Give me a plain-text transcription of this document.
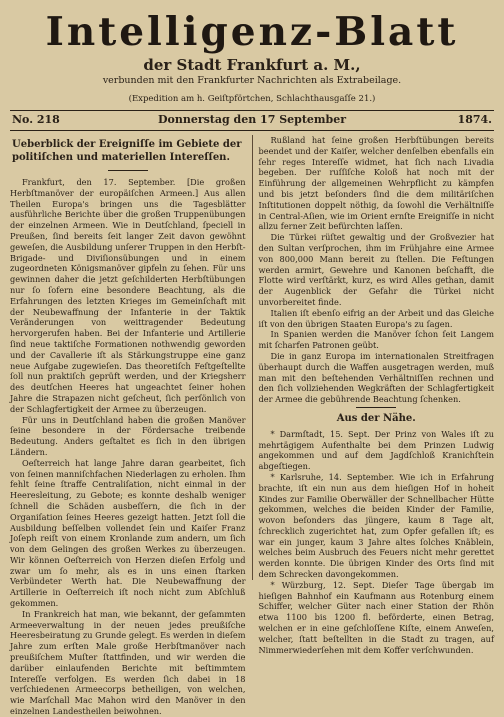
Intelligenz-Blatt
der Stadt Frankfurt a. M.,
verbunden mit den Frankfurter Nachrichten als Extrabeilage.
(Expedition am h. Geiſtpförtchen, Schlachthausgaſſe 21.)
No. 218	Donnerstag den 17 September	1874.
Ueberblick der Ereigniſſe im Gebiete der politiſchen und materiellen Intereſſen.

Frankfurt, den 17. September. [Die großen Herbſtmanöver der europäiſchen Armeen.] Aus allen Theilen Europa's bringen uns die Tagesblätter ausführliche Berichte über die großen Truppenübungen der einzelnen Armeen. Wie in Deutſchland, ſpeciell in Preußen, ſind bereits ſeit langer Zeit davon gewöhnt geweſen, die Ausbildung unſerer Truppen in den Herbſt-Brigade- und Diviſionsübungen und in einem zugeordneten Königsmanöver gipfeln zu ſehen. Für uns gewinnen daher die jetzt geſchilderten Herbſtübungen nur ſo ſofern eine besondere Beachtung, als die Erfahrungen des letzten Krieges im Gemeinſchaft mit der Neubewaffnung der Infanterie in der Taktik Veränderungen von weittragender Bedeutung hervorgerufen haben. Bei der Infanterie und Artillerie ſind neue taktiſche Formationen nothwendig geworden und der Cavallerie iſt als Stärkungstruppe eine ganz neue Aufgabe zugewieſen. Das theoretiſch Feſtgeſtellte ſoll nun praktiſch geprüft werden, und der Kriegsherr des deutſchen Heeres hat ungeachtet ſeiner hohen Jahre die Strapazen nicht geſcheut, ſich perſönlich von der Schlagfertigkeit der Armee zu überzeugen.

Für uns in Deutſchland haben die großen Manöver ſeine besondere in der Fördersache treibende Bedeutung. Anders geſtaltet es ſich in den übrigen Ländern.

Oeſterreich hat lange Jahre daran gearbeitet, ſich von ſeinen manniſchfachen Niederlagen zu erholen. Ihm fehlt ſeine ſtraffe Centraliſation, nicht einmal in der Heeresleitung, zu Gebote; es konnte deshalb weniger ſchnell die Schäden ausbeſſern, die ſich in der Organiſation ſeines Heeres gezeigt hatten. Jetzt ſoll die Ausbildung beſſelben vollendet ſein und Kaiſer Franz Joſeph reiſt von einem Kronlande zum andern, um ſich von dem Gelingen des großen Werkes zu überzeugen. Wir können Oeſterreich von Herzen dieſen Erfolg und zwar um ſo mehr, als es in uns einen ſtarken Verbündeter Werth hat. Die Neubewaffnung der Artillerie in Oeſterreich iſt noch nicht zum Abſchluß gekommen.

In Frankreich hat man, wie bekannt, der geſammten Armeeverwaltung in der neuen jedes preußiſche Heeresbeiratung zu Grunde gelegt. Es werden in dieſem Jahre zum erſten Male große Herbſtmanöver nach preußiſchem Muſter ſtattfinden, und wir werden die darüber einlaufenden Berichte mit beſtimmtem Intereſſe verfolgen. Es werden ſich dabei in 18 verſchiedenen Armeecorps betheiligen, von welchen, wie Marſchall Mac Mahon wird den Manöver in den einzelnen Landestheilen beiwohnen.

Rußland hat ſeine großen Herbſtübungen bereits beendet und der Kaiſer, welcher denſelben ebenfalls ein ſehr reges Intereſſe widmet, hat ſich nach Livadia begeben. Der ruſſiſche Koloß hat noch mit der Einführung der allgemeinen Wehrpflicht zu kämpfen und bis jetzt beſonders ſind die dem militäriſchen Inſtitutionen doppelt nöthig, da ſowohl die Verhältniſſe in Central-Aſien, wie im Orient ernſte Ereigniſſe in nicht allzu ferner Zeit befürchten laſſen.

Die Türkei rüſtet gewaltig und der Großvezier hat den Sultan verſprochen, ihm im Frühjahre eine Armee von 800,000 Mann bereit zu ſtellen. Die Feſtungen werden armirt, Gewehre und Kanonen beſchafft, die Flotte wird verſtärkt, kurz, es wird Alles gethan, damit der Augenblick der Gefahr die Türkei nicht unvorbereitet finde.

Italien iſt ebenſo eifrig an der Arbeit und das Gleiche iſt von den übrigen Staaten Europa's zu ſagen.

In Spanien werden die Manöver ſchon ſeit Langem mit ſcharfen Patronen geübt.

Die in ganz Europa im internationalen Streitfragen überhaupt durch die Waffen ausgetragen werden, muß man mit den beſtehenden Verhältniſſen rechnen und den ſich vollziehenden Wegkräften der Schlagfertigkeit der Armee die gebührende Beachtung ſchenken.

Aus der Nähe.

* Darmſtadt, 15. Sept. Der Prinz von Wales iſt zu mehrtägigem Aufenthalte bei dem Prinzen Ludwig angekommen und auf dem Jagdſchloß Kranichſtein abgeſtiegen.

* Karlsruhe, 14. September. Wie ich in Erfahrung brachte, iſt ein nun aus dem hieſigen Hof in hoheit Kindes zur Familie Oberwäller der Schnellbacher Hütte gekommen, welches die beiden Kinder der Familie, wovon beſonders das jüngere, kaum 8 Tage alt, ſchrecklich zugerichtet hat, zum Opfer gefallen iſt; es war ein junger, kaum 3 Jahre altes ſolches Knäblein, welches beim Ausbruch des Feuers nicht mehr gerettet werden konnte. Die übrigen Kinder des Orts ſind mit dem Schrecken davongekommen.

* Würzburg, 12. Sept. Dieſer Tage übergab im hieſigen Bahnhof ein Kaufmann aus Rotenburg einem Schiffer, welcher Güter nach einer Station der Rhön etwa 1100 bis 1200 fl. beförderte, einen Betrag, welchen er in eine geſchloſſene Kiſte, einem Anweſen, welcher, ſtatt beſtellten in die Stadt zu tragen, auf Nimmerwiederſehen mit dem Koffer verſchwunden.
